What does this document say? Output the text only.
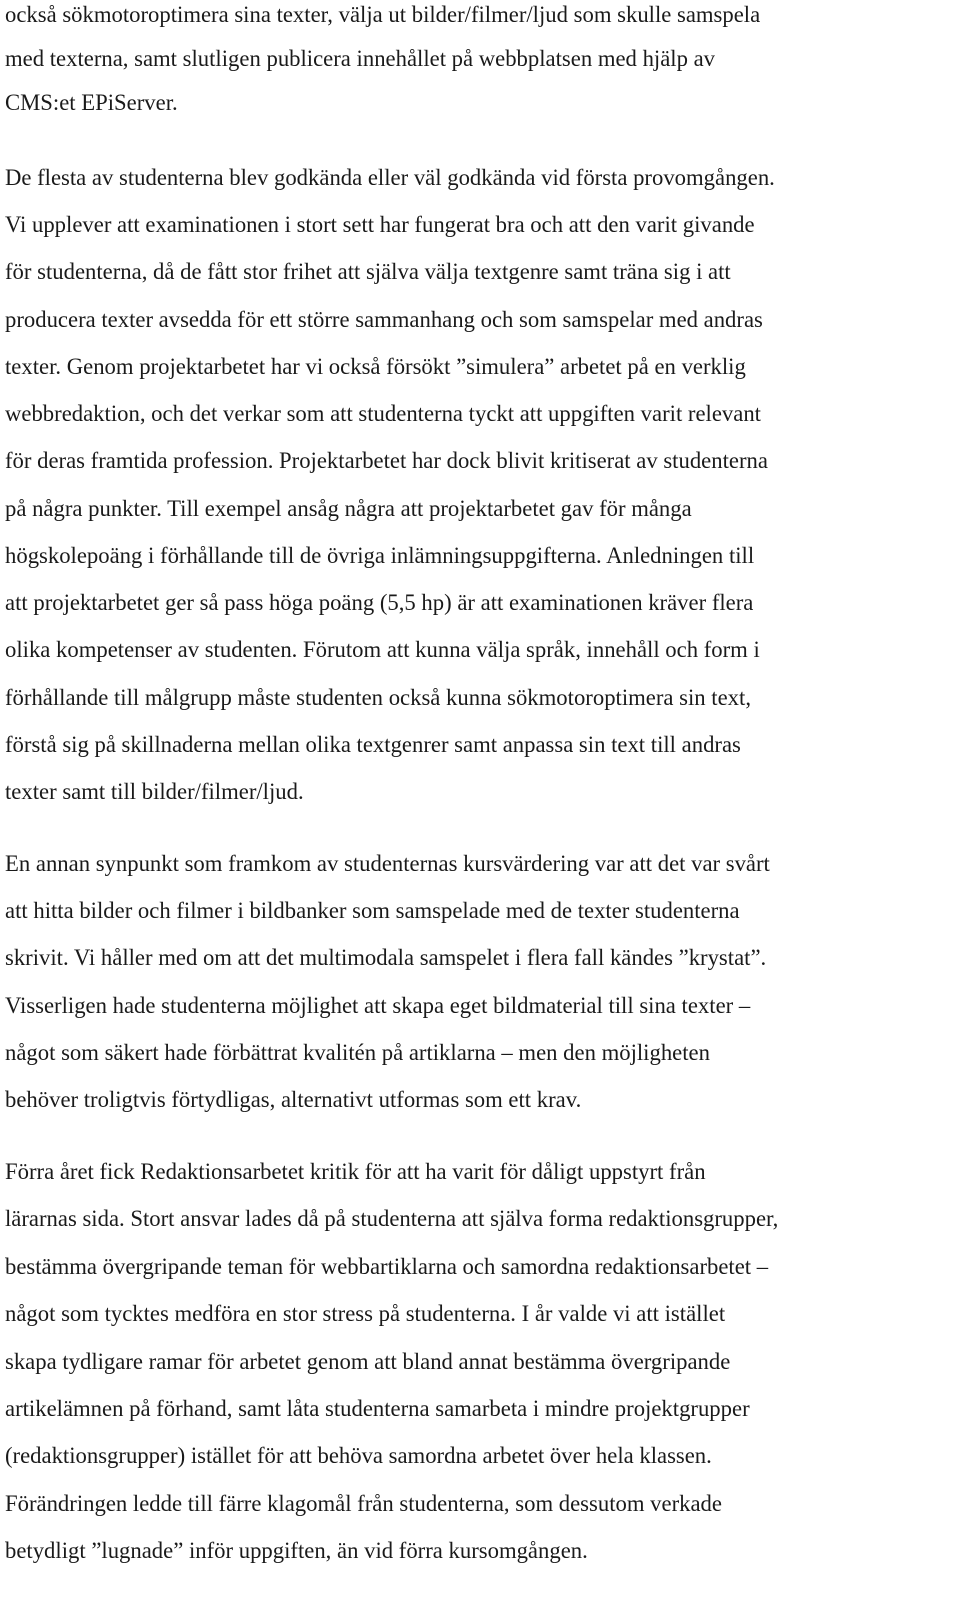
också sökmotoroptimera sina texter, välja ut bilder/filmer/ljud som skulle samspela
med texterna, samt slutligen publicera innehållet på webbplatsen med hjälp av
CMS:et EPiServer.
De flesta av studenterna blev godkända eller väl godkända vid första provomgången.
Vi upplever att examinationen i stort sett har fungerat bra och att den varit givande
för studenterna, då de fått stor frihet att själva välja textgenre samt träna sig i att
producera texter avsedda för ett större sammanhang och som samspelar med andras
texter. Genom projektarbetet har vi också försökt ”simulera” arbetet på en verklig
webbredaktion, och det verkar som att studenterna tyckt att uppgiften varit relevant
för deras framtida profession. Projektarbetet har dock blivit kritiserat av studenterna
på några punkter. Till exempel ansåg några att projektarbetet gav för många
högskolepoäng i förhållande till de övriga inlämningsuppgifterna. Anledningen till
att projektarbetet ger så pass höga poäng (5,5 hp) är att examinationen kräver flera
olika kompetenser av studenten. Förutom att kunna välja språk, innehåll och form i
förhållande till målgrupp måste studenten också kunna sökmotoroptimera sin text,
förstå sig på skillnaderna mellan olika textgenrer samt anpassa sin text till andras
texter samt till bilder/filmer/ljud.
En annan synpunkt som framkom av studenternas kursvärdering var att det var svårt
att hitta bilder och filmer i bildbanker som samspelade med de texter studenterna
skrivit. Vi håller med om att det multimodala samspelet i flera fall kändes ”krystat”.
Visserligen hade studenterna möjlighet att skapa eget bildmaterial till sina texter –
något som säkert hade förbättrat kvalitén på artiklarna – men den möjligheten
behöver troligtvis förtydligas, alternativt utformas som ett krav.
Förra året fick Redaktionsarbetet kritik för att ha varit för dåligt uppstyrt från
lärarnas sida. Stort ansvar lades då på studenterna att själva forma redaktionsgrupper,
bestämma övergripande teman för webbartiklarna och samordna redaktionsarbetet –
något som tycktes medföra en stor stress på studenterna. I år valde vi att istället
skapa tydligare ramar för arbetet genom att bland annat bestämma övergripande
artikelämnen på förhand, samt låta studenterna samarbeta i mindre projektgrupper
(redaktionsgrupper) istället för att behöva samordna arbetet över hela klassen.
Förändringen ledde till färre klagomål från studenterna, som dessutom verkade
betydligt ”lugnade” inför uppgiften, än vid förra kursomgången.
